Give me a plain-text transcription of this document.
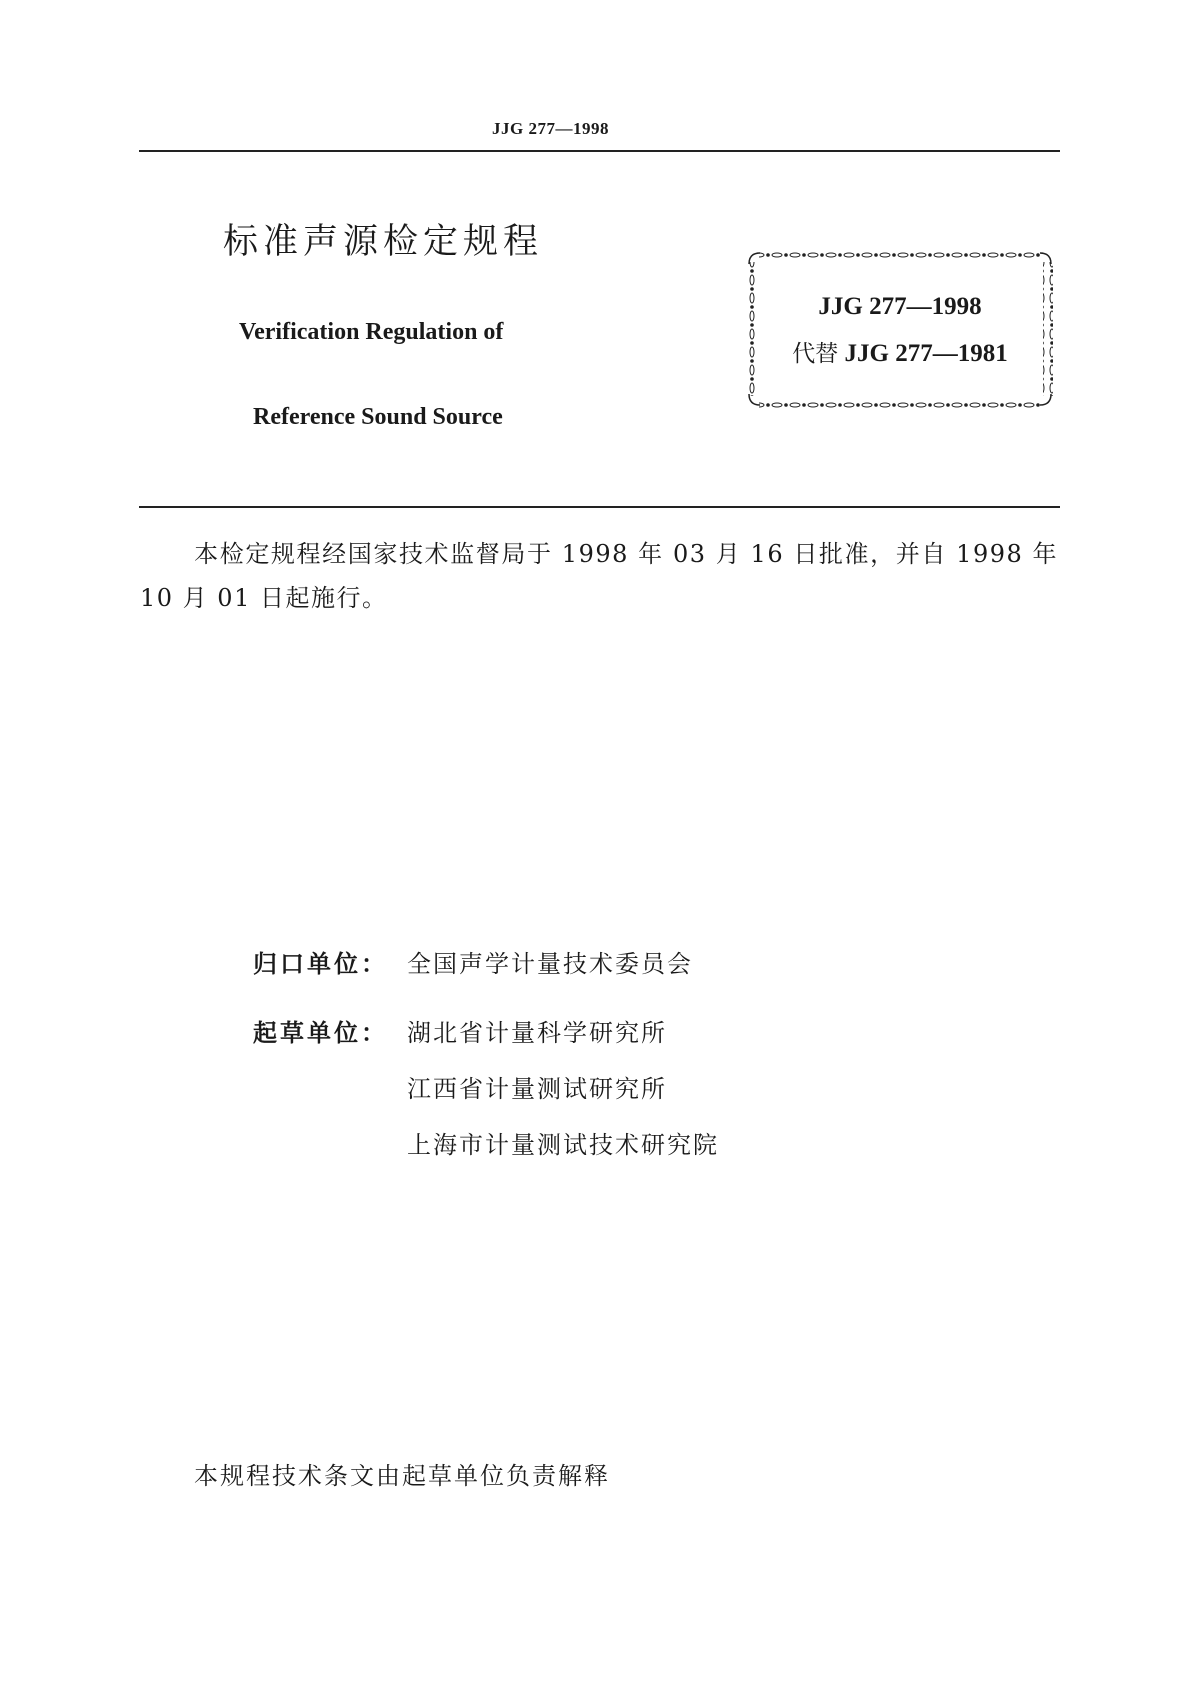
JJG 277—1998
标准声源检定规程
Verification Regulation of
Reference Sound Source
JJG 277—1998
代替 JJG 277—1981
本检定规程经国家技术监督局于 1998 年 03 月 16 日批准，并自 1998 年 10 月 01 日起施行。
归口单位： 全国声学计量技术委员会
起草单位： 湖北省计量科学研究所
江西省计量测试研究所
上海市计量测试技术研究院
本规程技术条文由起草单位负责解释
